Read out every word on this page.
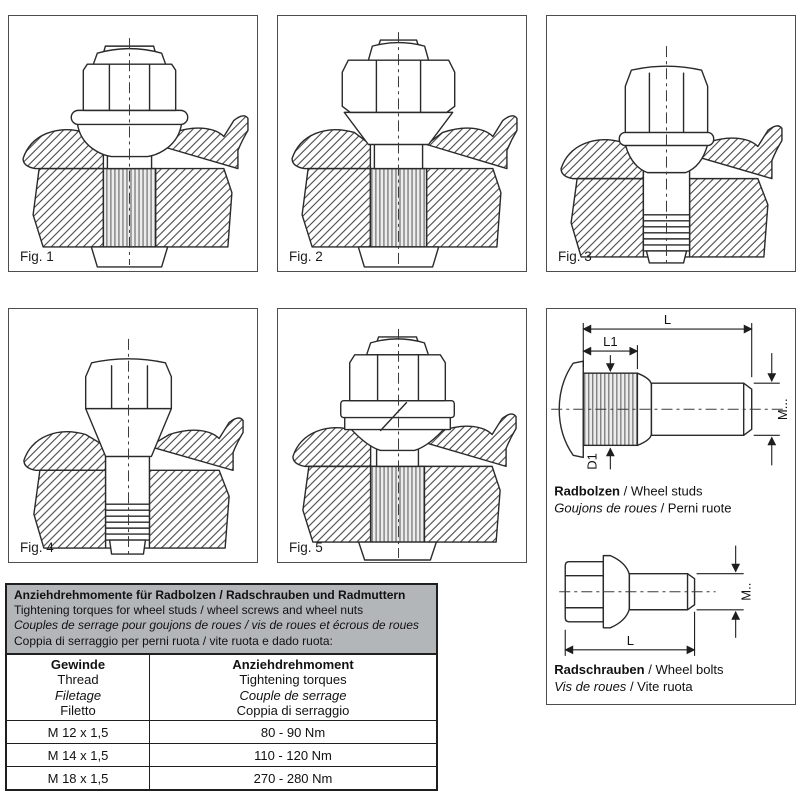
Fig. 1	Fig. 2	Fig. 3
Fig. 4	Fig. 5
L
L1
D1
M...
Radbolzen / Wheel studs
Goujons de roues / Perni ruote
M..
L
Radschrauben / Wheel bolts
Vis de roues / Vite ruota
Anziehdrehmomente für Radbolzen / Radschrauben und Radmuttern
Tightening torques for wheel studs / wheel screws and wheel nuts
Couples de serrage pour goujons de roues / vis de roues et écrous de roues
Coppia di serraggio per perni ruota / vite ruota e dado ruota:
Gewinde
Thread
Filetage
Filetto

Anziehdrehmoment
Tightening torques
Couple de serrage
Coppia di serraggio

M 12 x 1,5	80 - 90 Nm
M 14 x 1,5	110 - 120 Nm
M 18 x 1,5	270 - 280 Nm
